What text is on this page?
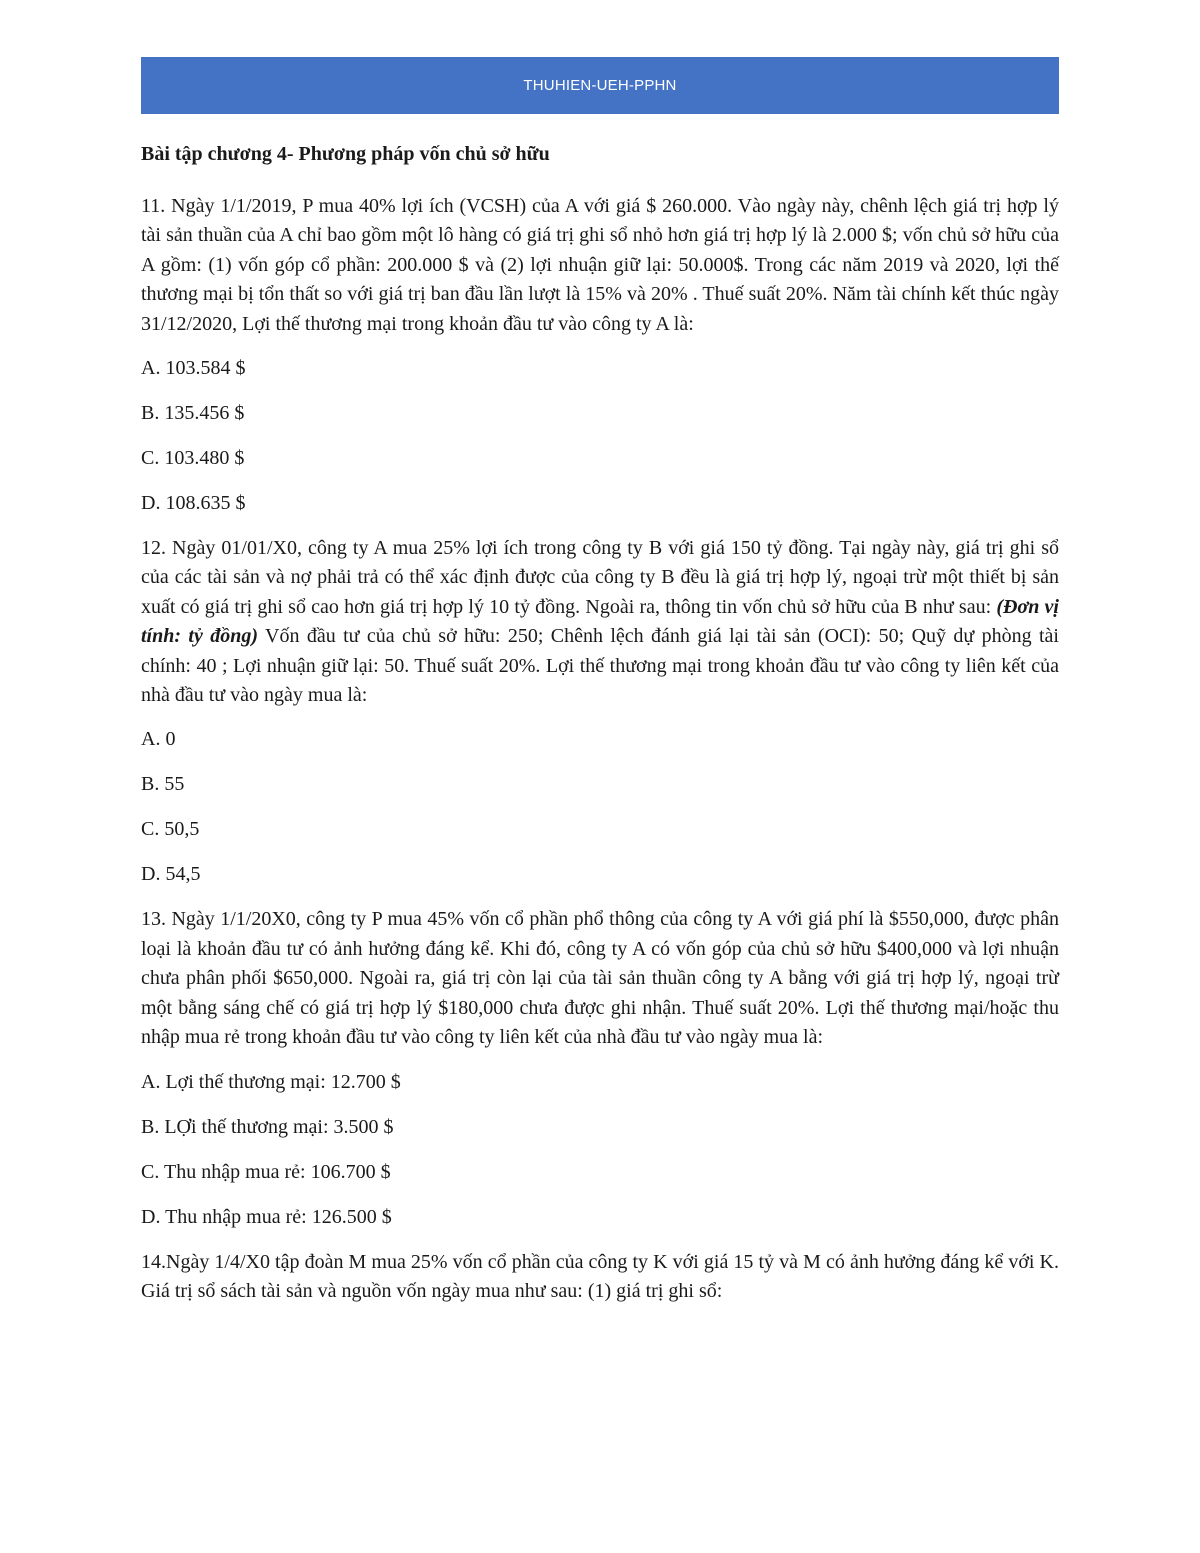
THUHIEN-UEH-PPHN
Bài tập chương 4- Phương pháp vốn chủ sở hữu

11. Ngày 1/1/2019, P mua 40% lợi ích (VCSH) của A với giá $ 260.000. Vào ngày này, chênh lệch giá trị hợp lý tài sản thuần của A chỉ bao gồm một lô hàng có giá trị ghi sổ nhỏ hơn giá trị hợp lý là 2.000 $; vốn chủ sở hữu của A gồm: (1) vốn góp cổ phần: 200.000 $ và (2) lợi nhuận giữ lại: 50.000$. Trong các năm 2019 và 2020, lợi thế thương mại bị tổn thất so với giá trị ban đầu lần lượt là 15% và 20% . Thuế suất 20%. Năm tài chính kết thúc ngày 31/12/2020, Lợi thế thương mại trong khoản đầu tư vào công ty A là:

A. 103.584 $

B. 135.456 $

C. 103.480 $

D. 108.635 $

12. Ngày 01/01/X0, công ty A mua 25% lợi ích trong công ty B với giá 150 tỷ đồng. Tại ngày này, giá trị ghi sổ của các tài sản và nợ phải trả có thể xác định được của công ty B đều là giá trị hợp lý, ngoại trừ một thiết bị sản xuất có giá trị ghi sổ cao hơn giá trị hợp lý 10 tỷ đồng. Ngoài ra, thông tin vốn chủ sở hữu của B như sau: (Đơn vị tính: tỷ đồng) Vốn đầu tư của chủ sở hữu: 250; Chênh lệch đánh giá lại tài sản (OCI): 50; Quỹ dự phòng tài chính: 40 ; Lợi nhuận giữ lại: 50. Thuế suất 20%. Lợi thế thương mại trong khoản đầu tư vào công ty liên kết của nhà đầu tư vào ngày mua là:

A. 0

B. 55

C. 50,5

D. 54,5

13. Ngày 1/1/20X0, công ty P mua 45% vốn cổ phần phổ thông của công ty A với giá phí là $550,000, được phân loại là khoản đầu tư có ảnh hưởng đáng kể. Khi đó, công ty A có vốn góp của chủ sở hữu $400,000 và lợi nhuận chưa phân phối $650,000. Ngoài ra, giá trị còn lại của tài sản thuần công ty A bằng với giá trị hợp lý, ngoại trừ một bằng sáng chế có giá trị hợp lý $180,000 chưa được ghi nhận. Thuế suất 20%. Lợi thế thương mại/hoặc thu nhập mua rẻ trong khoản đầu tư vào công ty liên kết của nhà đầu tư vào ngày mua là:

A. Lợi thế thương mại: 12.700 $

B. LỢi thế thương mại: 3.500 $

C. Thu nhập mua rẻ: 106.700 $

D. Thu nhập mua rẻ: 126.500 $

14.Ngày 1/4/X0 tập đoàn M mua 25% vốn cổ phần của công ty K với giá 15 tỷ và M có ảnh hưởng đáng kể với K. Giá trị sổ sách tài sản và nguồn vốn ngày mua như sau: (1) giá trị ghi sổ:
